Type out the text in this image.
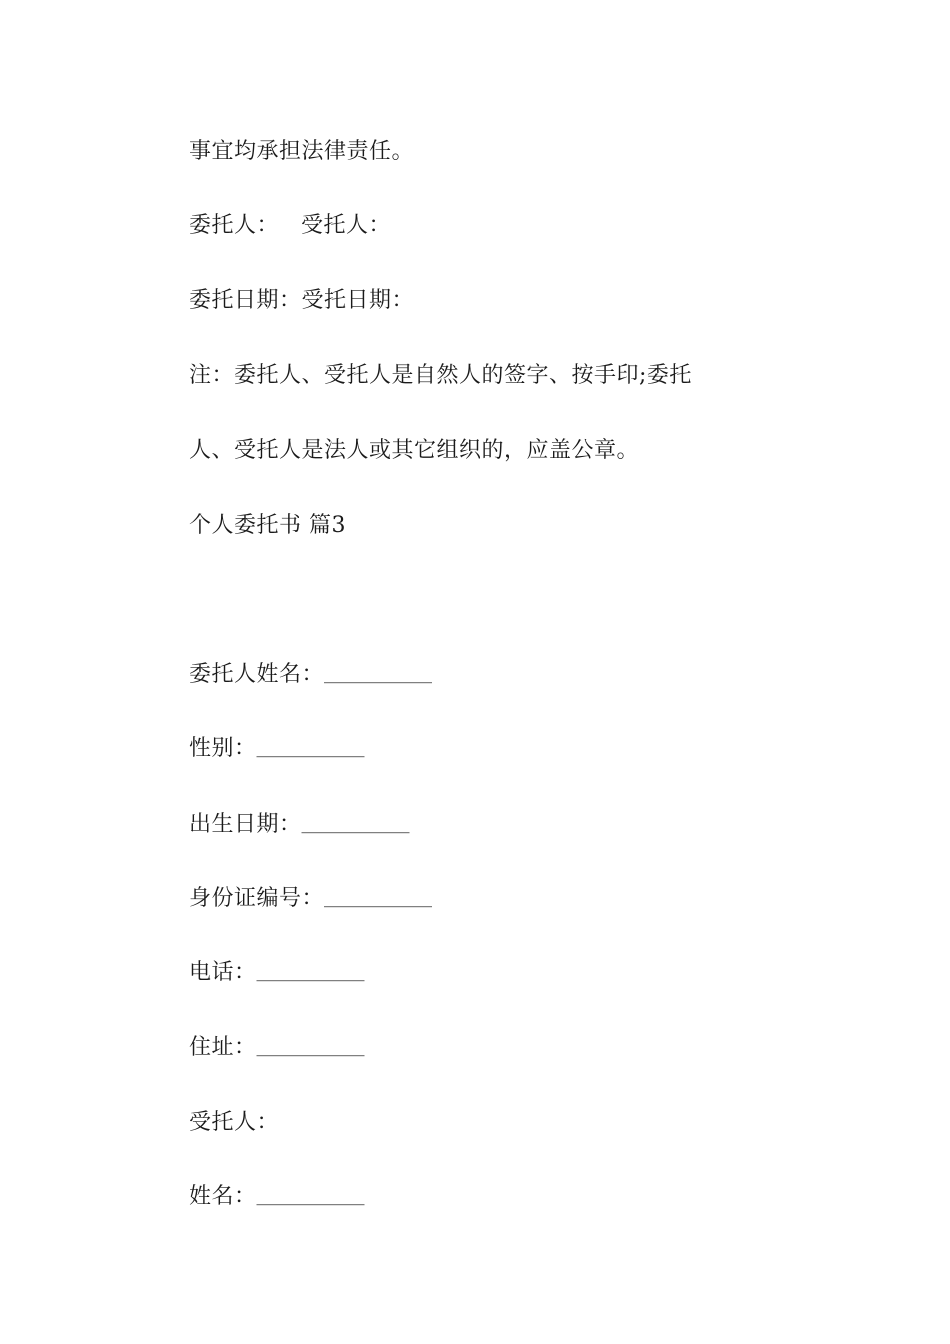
事宜均承担法律责任。
委托人： 受托人：
委托日期：受托日期：
注：委托人、受托人是自然人的签字、按手印;委托
人、受托人是法人或其它组织的，应盖公章。
个人委托书 篇3
委托人姓名：____________
性别：____________
出生日期：____________
身份证编号：____________
电话：____________
住址：____________
受托人：
姓名：____________
